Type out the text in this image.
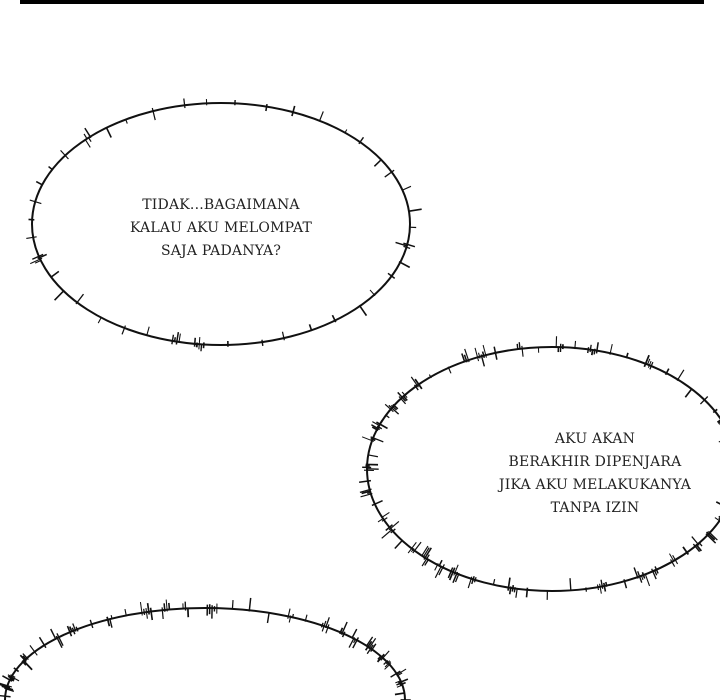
TIDAK...BAGAIMANA
KALAU AKU MELOMPAT
SAJA PADANYA?
AKU AKAN
BERAKHIR DIPENJARA
JIKA AKU MELAKUKANYA
TANPA IZIN
